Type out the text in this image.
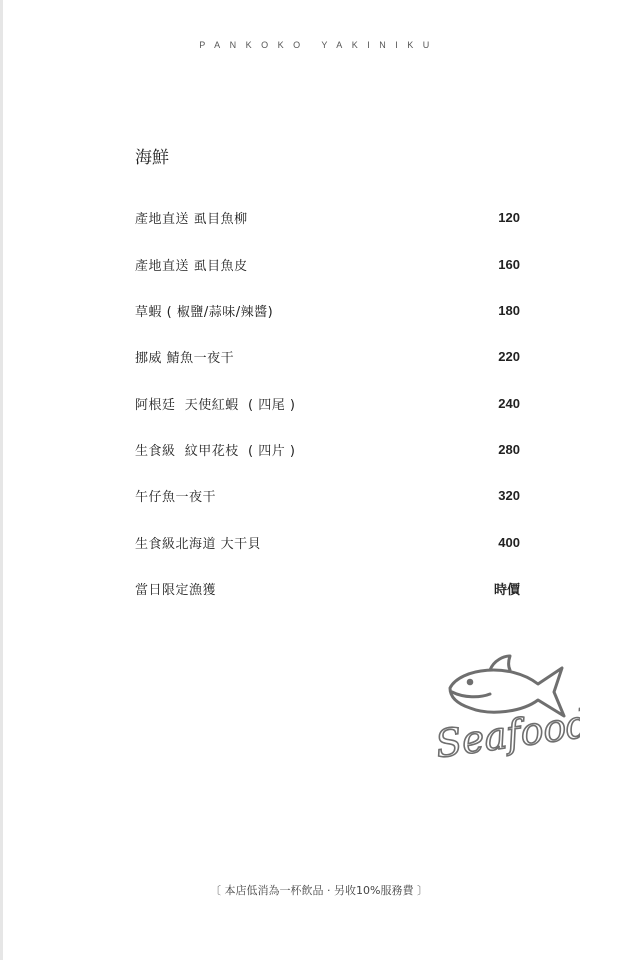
PANKOKO YAKINIKU
海鮮
產地直送 虱目魚柳	120
產地直送 虱目魚皮	160
草蝦 ( 椒鹽/蒜味/辣醬)	180
挪威 鯖魚一夜干	220
阿根廷  天使紅蝦  ( 四尾 )	240
生食級  紋甲花枝  ( 四片 )	280
午仔魚一夜干	320
生食級北海道 大干貝	400
當日限定漁獲	時價
Seafood
〔 本店低消為一杯飲品 · 另收10%服務費 〕
